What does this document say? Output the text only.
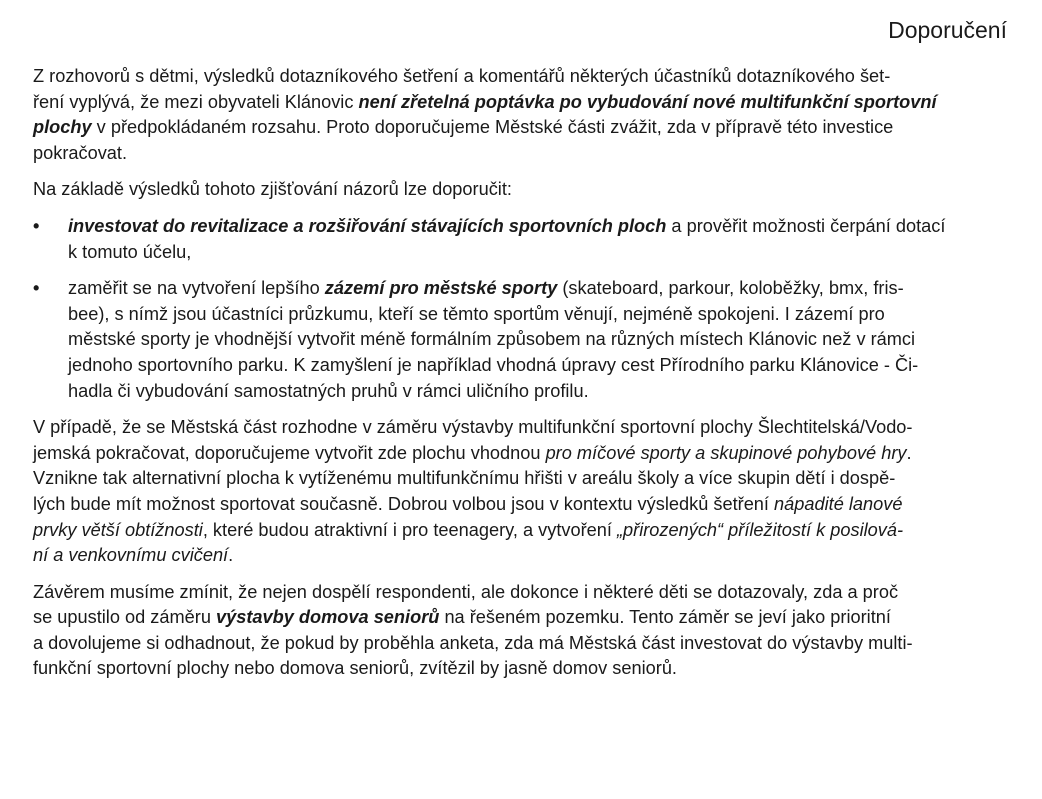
Doporučení

Z rozhovorů s dětmi, výsledků dotazníkového šetření a komentářů některých účastníků dotazníkového šet-
ření vyplývá, že mezi obyvateli Klánovic není zřetelná poptávka po vybudování nové multifunkční sportovní
plochy v předpokládaném rozsahu. Proto doporučujeme Městské části zvážit, zda v přípravě této investice
pokračovat.

Na základě výsledků tohoto zjišťování názorů lze doporučit:

• investovat do revitalizace a rozšiřování stávajících sportovních ploch a prověřit možnosti čerpání dotací
k tomuto účelu,
• zaměřit se na vytvoření lepšího zázemí pro městské sporty (skateboard, parkour, koloběžky, bmx, fris-
bee), s nímž jsou účastníci průzkumu, kteří se těmto sportům věnují, nejméně spokojeni. I zázemí pro
městské sporty je vhodnější vytvořit méně formálním způsobem na různých místech Klánovic než v rámci
jednoho sportovního parku. K zamyšlení je například vhodná úpravy cest Přírodního parku Klánovice - Či-
hadla či vybudování samostatných pruhů v rámci uličního profilu.

V případě, že se Městská část rozhodne v záměru výstavby multifunkční sportovní plochy Šlechtitelská/Vodo-
jemská pokračovat, doporučujeme vytvořit zde plochu vhodnou pro míčové sporty a skupinové pohybové hry.
Vznikne tak alternativní plocha k vytíženému multifunkčnímu hřišti v areálu školy a více skupin dětí i dospě-
lých bude mít možnost sportovat současně. Dobrou volbou jsou v kontextu výsledků šetření nápadité lanové
prvky větší obtížnosti, které budou atraktivní i pro teenagery, a vytvoření „přirozených“ příležitostí k posilová-
ní a venkovnímu cvičení.

Závěrem musíme zmínit, že nejen dospělí respondenti, ale dokonce i některé děti se dotazovaly, zda a proč
se upustilo od záměru výstavby domova seniorů na řešeném pozemku. Tento záměr se jeví jako prioritní
a dovolujeme si odhadnout, že pokud by proběhla anketa, zda má Městská část investovat do výstavby multi-
funkční sportovní plochy nebo domova seniorů, zvítězil by jasně domov seniorů.
